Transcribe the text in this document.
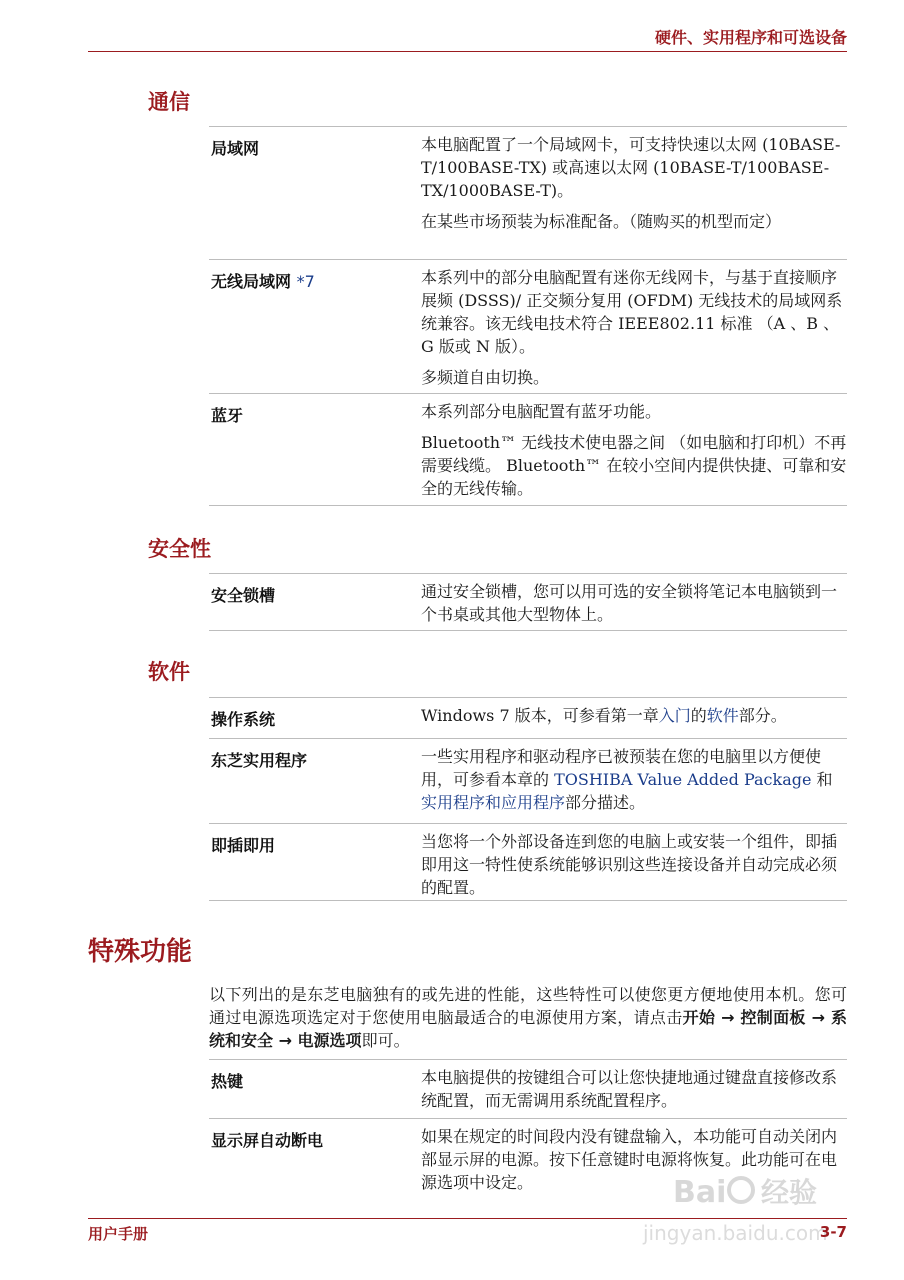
硬件、实用程序和可选设备
通信
局域网	本电脑配置了一个局域网卡，可支持快速以太网 (10BASE-T/100BASE-TX) 或高速以太网 (10BASE-T/100BASE-TX/1000BASE-T)。

在某些市场预装为标准配备。（随购买的机型而定）

无线局域网 *7	本系列中的部分电脑配置有迷你无线网卡，与基于直接顺序展频 (DSSS)/ 正交频分复用 (OFDM) 无线技术的局域网系统兼容。该无线电技术符合 IEEE802.11 标准 （A 、B 、G 版或 N 版）。

多频道自由切换。

蓝牙	本系列部分电脑配置有蓝牙功能。

Bluetooth™ 无线技术使电器之间 （如电脑和打印机）不再需要线缆。 Bluetooth™ 在较小空间内提供快捷、可靠和安全的无线传输。

安全性
安全锁槽	通过安全锁槽，您可以用可选的安全锁将笔记本电脑锁到一个书桌或其他大型物体上。

软件
操作系统	Windows 7 版本，可参看第一章入门的软件部分。

东芝实用程序	一些实用程序和驱动程序已被预装在您的电脑里以方便使用，可参看本章的 TOSHIBA Value Added Package 和实用程序和应用程序部分描述。

即插即用	当您将一个外部设备连到您的电脑上或安装一个组件，即插即用这一特性使系统能够识别这些连接设备并自动完成必须的配置。

特殊功能
以下列出的是东芝电脑独有的或先进的性能，这些特性可以使您更方便地使用本机。您可通过电源选项选定对于您使用电脑最适合的电源使用方案，请点击开始 → 控制面板 → 系统和安全 → 电源选项即可。
热键	本电脑提供的按键组合可以让您快捷地通过键盘直接修改系统配置，而无需调用系统配置程序。

显示屏自动断电	如果在规定的时间段内没有键盘输入，本功能可自动关闭内部显示屏的电源。按下任意键时电源将恢复。此功能可在电源选项中设定。	Bai 经验
jingyan.baidu.com
用户手册	3-7
